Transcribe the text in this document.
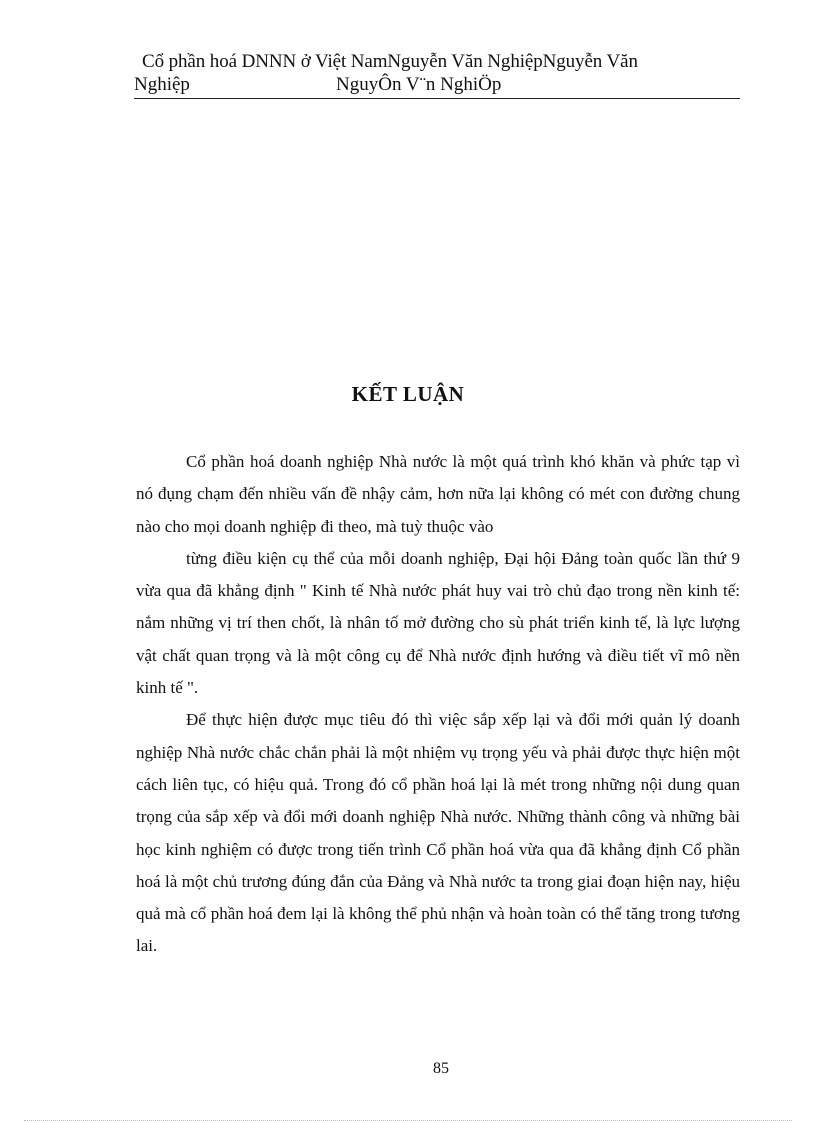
Cổ phần hoá DNNN ở Việt NamNguyễn Văn NghiệpNguyễn Văn
Nghiệp	NguyÔn V¨n NghiÖp
KẾT LUẬN

Cổ phần hoá doanh nghiệp Nhà nước là một quá trình khó khăn và phức tạp vì nó đụng chạm đến nhiều vấn đề nhậy cảm, hơn nữa lại không có mét con đường chung nào cho mọi doanh nghiệp đi theo, mà tuỳ thuộc vào

từng điều kiện cụ thể của mỗi doanh nghiệp, Đại hội Đảng toàn quốc lần thứ 9 vừa qua đã khẳng định " Kinh tế Nhà nước phát huy vai trò chủ đạo trong nền kinh tế: nắm những vị trí then chốt, là nhân tố mở đường cho sù phát triển kinh tế, là lực lượng vật chất quan trọng và là một công cụ để Nhà nước định hướng và điều tiết vĩ mô nền kinh tế ".

Để thực hiện được mục tiêu đó thì việc sắp xếp lại và đổi mới quản lý doanh nghiệp Nhà nước chắc chắn phải là một nhiệm vụ trọng yếu và phải được thực hiện một cách liên tục, có hiệu quả. Trong đó cổ phần hoá lại là mét trong những nội dung quan trọng của sắp xếp và đổi mới doanh nghiệp Nhà nước. Những thành công và những bài học kinh nghiệm có được trong tiến trình Cổ phần hoá vừa qua đã khẳng định Cổ phần hoá là một chủ trương đúng đắn của Đảng và Nhà nước ta trong giai đoạn hiện nay, hiệu quả mà cổ phần hoá đem lại là không thể phủ nhận và hoàn toàn có thể tăng trong tương lai.

85
